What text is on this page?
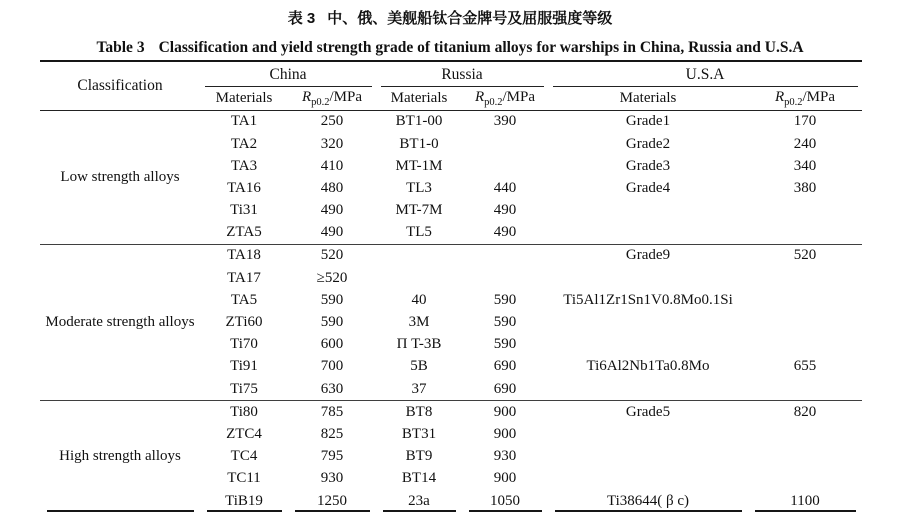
表 3 中、俄、美舰船钛合金牌号及屈服强度等级
Table 3 Classification and yield strength grade of titanium alloys for warships in China, Russia and U.S.A
Classification	China		Russia		U.S.A	
	Materials	$R_{p0.2}$/MPa	Materials	$R_{p0.2}$/MPa	Materials	$R_{p0.2}$/MPa
Low strength alloys	TA1	250	BT1-00	390	Grade1	170
	TA2	320	BT1-0		Grade2	240
	TA3	410	MT-1M		Grade3	340
	TA16	480	TL3	440	Grade4	380
	Ti31	490	MT-7M	490		
	ZTA5	490	TL5	490		
Moderate strength alloys	TA18	520			Grade9	520
	TA17	≥520				
	TA5	590	40	590	Ti5Al1Zr1Sn1V0.8Mo0.1Si	
	ZTi60	590	3M	590		
	Ti70	600	П T-3B	590		
	Ti91	700	5B	690	Ti6Al2Nb1Ta0.8Mo	655
	Ti75	630	37	690		
High strength alloys	Ti80	785	BT8	900	Grade5	820
	ZTC4	825	BT31	900		
	TC4	795	BT9	930		
	TC11	930	BT14	900		
	TiB19	1250	23a	1050	Ti38644( β c)	1100
